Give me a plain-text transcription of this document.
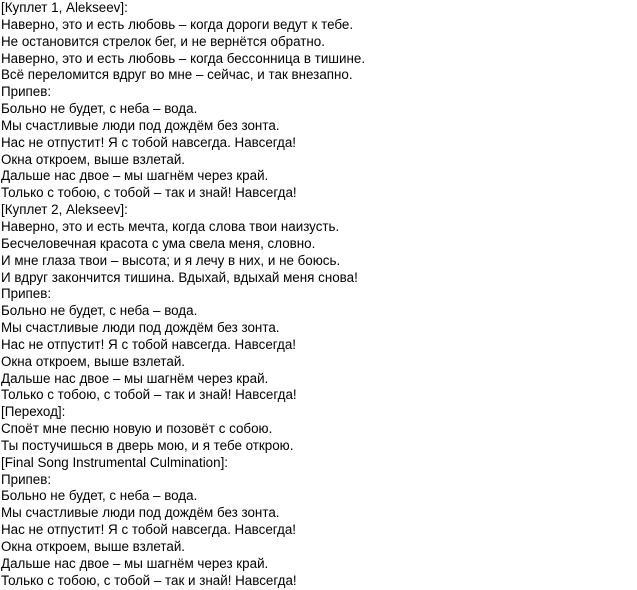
[Куплет 1, Alekseev]:
Наверно, это и есть любовь – когда дороги ведут к тебе.
Не остановится стрелок бег, и не вернётся обратно.
Наверно, это и есть любовь – когда бессонница в тишине.
Всё переломится вдруг во мне – сейчас, и так внезапно.
Припев:
Больно не будет, с неба – вода.
Мы счастливые люди под дождём без зонта.
Нас не отпустит! Я с тобой навсегда. Навсегда!
Окна откроем, выше взлетай.
Дальше нас двое – мы шагнём через край.
Только с тобою, с тобой – так и знай! Навсегда!
[Куплет 2, Alekseev]:
Наверно, это и есть мечта, когда слова твои наизусть.
Бесчеловечная красота с ума свела меня, словно.
И мне глаза твои – высота; и я лечу в них, и не боюсь.
И вдруг закончится тишина. Вдыхай, вдыхай меня снова!
Припев:
Больно не будет, с неба – вода.
Мы счастливые люди под дождём без зонта.
Нас не отпустит! Я с тобой навсегда. Навсегда!
Окна откроем, выше взлетай.
Дальше нас двое – мы шагнём через край.
Только с тобою, с тобой – так и знай! Навсегда!
[Переход]:
Споёт мне песню новую и позовёт с собою.
Ты постучишься в дверь мою, и я тебе открою.
[Final Song Instrumental Culmination]:
Припев:
Больно не будет, с неба – вода.
Мы счастливые люди под дождём без зонта.
Нас не отпустит! Я с тобой навсегда. Навсегда!
Окна откроем, выше взлетай.
Дальше нас двое – мы шагнём через край.
Только с тобою, с тобой – так и знай! Навсегда!
